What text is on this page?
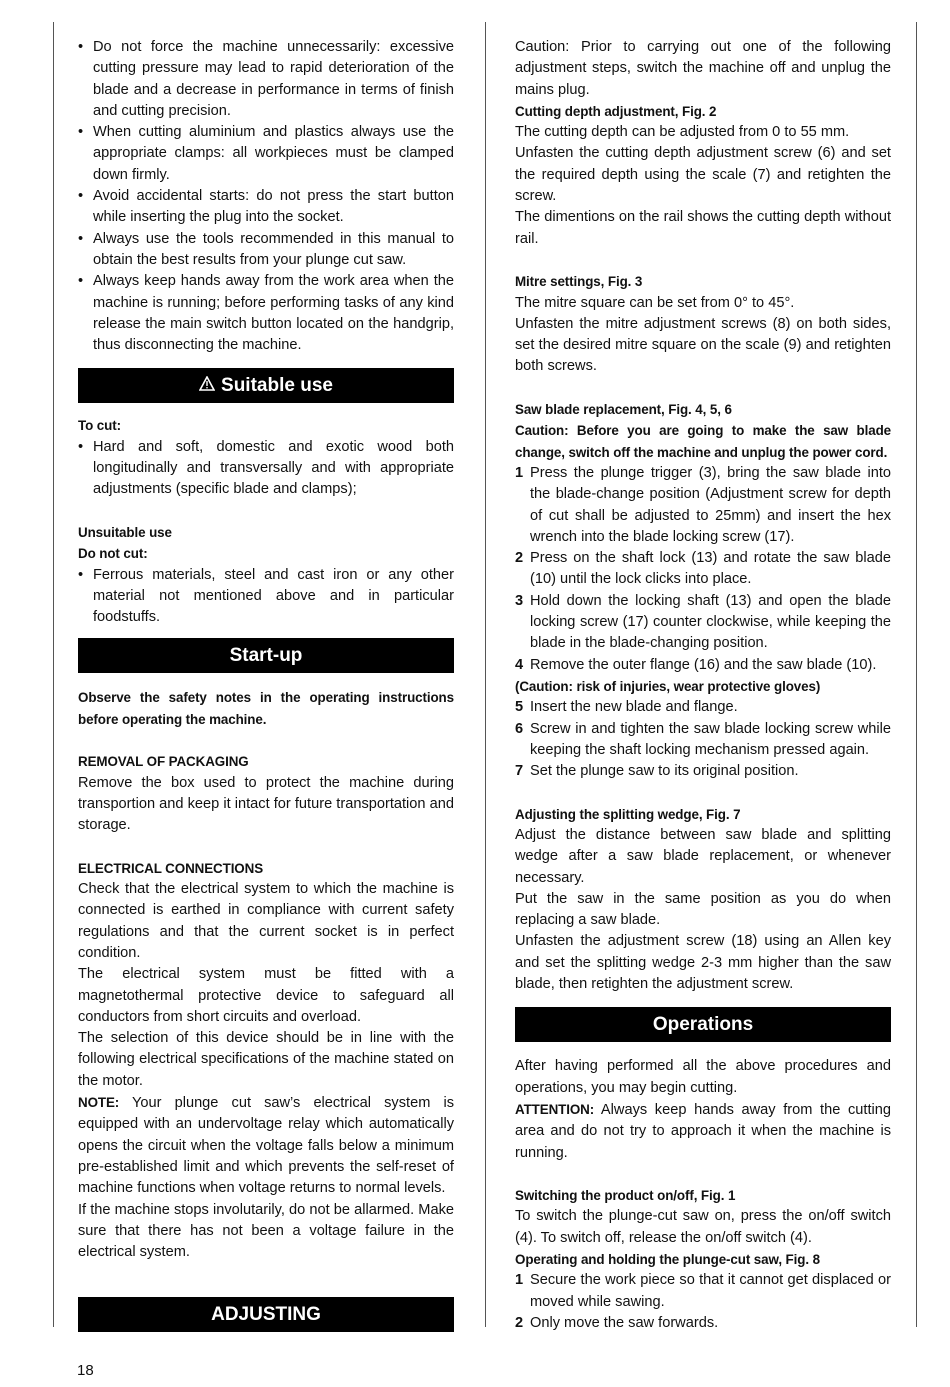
• Do not force the machine unnecessarily: excessive cutting pressure may lead to rapid deterioration of the blade and a decrease in performance in terms of finish and cutting precision.
• When cutting aluminium and plastics always use the appropriate clamps: all workpieces must be clamped down firmly.
• Avoid accidental starts: do not press the start button while inserting the plug into the socket.
• Always use the tools recommended in this manual to obtain the best results from your plunge cut saw.
• Always keep hands away from the work area when the machine is running; before performing tasks of any kind release the main switch button located on the handgrip, thus disconnecting the machine.
Suitable use

To cut:

• Hard and soft, domestic and exotic wood both longitudinally and transversally and with appropriate adjustments (specific blade and clamps);

Unsuitable use

Do not cut:

• Ferrous materials, steel and cast iron or any other material not mentioned above and in particular foodstuffs.
Start-up

Observe the safety notes in the operating instructions before operating the machine.

REMOVAL OF PACKAGING

Remove the box used to protect the machine during transportion and keep it intact for future transportation and storage.

ELECTRICAL CONNECTIONS

Check that the electrical system to which the machine is connected is earthed in compliance with current safety regulations and that the current socket is in perfect condition.

The electrical system must be fitted with a magnetothermal protective device to safeguard all conductors from short circuits and overload.

The selection of this device should be in line with the following electrical specifications of the machine stated on the motor.

NOTE: Your plunge cut saw’s electrical system is equipped with an undervoltage relay which automatically opens the circuit when the voltage falls below a minimum pre-established limit and which prevents the self-reset of machine functions when voltage returns to normal levels.

If the machine stops involutarily, do not be allarmed. Make sure that there has not been a voltage failure in the electrical system.

ADJUSTING

Caution: Prior to carrying out one of the following adjustment steps, switch the machine off and unplug the mains plug.

Cutting depth adjustment, Fig. 2

The cutting depth can be adjusted from 0 to 55 mm.

Unfasten the cutting depth adjustment screw (6) and set the required depth using the scale (7) and retighten the screw.

The dimentions on the rail shows the cutting depth without rail.

Mitre settings, Fig. 3

The mitre square can be set from 0° to 45°.

Unfasten the mitre adjustment screws (8) on both sides, set the desired mitre square on the scale (9) and retighten both screws.

Saw blade replacement, Fig. 4, 5, 6

Caution: Before you are going to make the saw blade change, switch off the machine and unplug the power cord.

1 Press the plunge trigger (3), bring the saw blade into the blade-change position (Adjustment screw for depth of cut shall be adjusted to 25mm) and insert the hex wrench into the blade locking screw (17).
2 Press on the shaft lock (13) and rotate the saw blade (10) until the lock clicks into place.
3 Hold down the locking shaft (13) and open the blade locking screw (17) counter clockwise, while keeping the blade in the blade-changing position.
4 Remove the outer flange (16) and the saw blade (10).

(Caution: risk of injuries, wear protective gloves)

5 Insert the new blade and flange.
6 Screw in and tighten the saw blade locking screw while keeping the shaft locking mechanism pressed again.
7 Set the plunge saw to its original position.

Adjusting the splitting wedge, Fig. 7

Adjust the distance between saw blade and splitting wedge after a saw blade replacement, or whenever necessary.

Put the saw in the same position as you do when replacing a saw blade.

Unfasten the adjustment screw (18) using an Allen key and set the splitting wedge 2-3 mm higher than the saw blade, then retighten the adjustment screw.

Operations

After having performed all the above procedures and operations, you may begin cutting.

ATTENTION: Always keep hands away from the cutting area and do not try to approach it when the machine is running.

Switching the product on/off, Fig. 1

To switch the plunge-cut saw on, press the on/off switch (4). To switch off, release the on/off switch (4).

Operating and holding the plunge-cut saw, Fig. 8

1 Secure the work piece so that it cannot get displaced or moved while sawing.
2 Only move the saw forwards.
18
